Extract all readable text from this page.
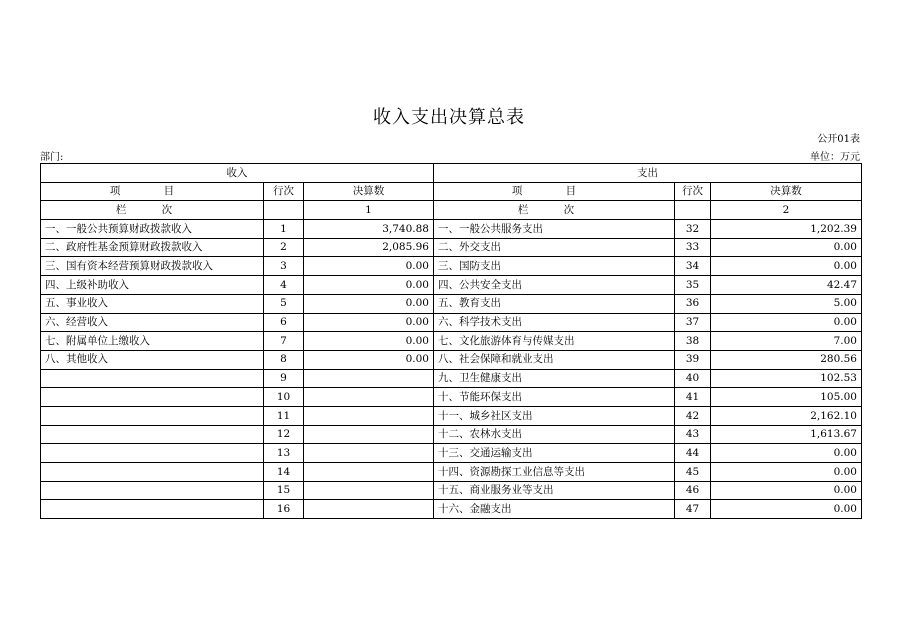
收入支出决算总表
公开01表
部门:	单位：万元
收入			支出		
项 目	行次	决算数	项 目	行次	决算数
栏 次		1	栏 次		2
一、一般公共预算财政拨款收入	1	3,740.88	一、一般公共服务支出	32	1,202.39
二、政府性基金预算财政拨款收入	2	2,085.96	二、外交支出	33	0.00
三、国有资本经营预算财政拨款收入	3	0.00	三、国防支出	34	0.00
四、上级补助收入	4	0.00	四、公共安全支出	35	42.47
五、事业收入	5	0.00	五、教育支出	36	5.00
六、经营收入	6	0.00	六、科学技术支出	37	0.00
七、附属单位上缴收入	7	0.00	七、文化旅游体育与传媒支出	38	7.00
八、其他收入	8	0.00	八、社会保障和就业支出	39	280.56
	9		九、卫生健康支出	40	102.53
	10		十、节能环保支出	41	105.00
	11		十一、城乡社区支出	42	2,162.10
	12		十二、农林水支出	43	1,613.67
	13		十三、交通运输支出	44	0.00
	14		十四、资源勘探工业信息等支出	45	0.00
	15		十五、商业服务业等支出	46	0.00
	16		十六、金融支出	47	0.00
